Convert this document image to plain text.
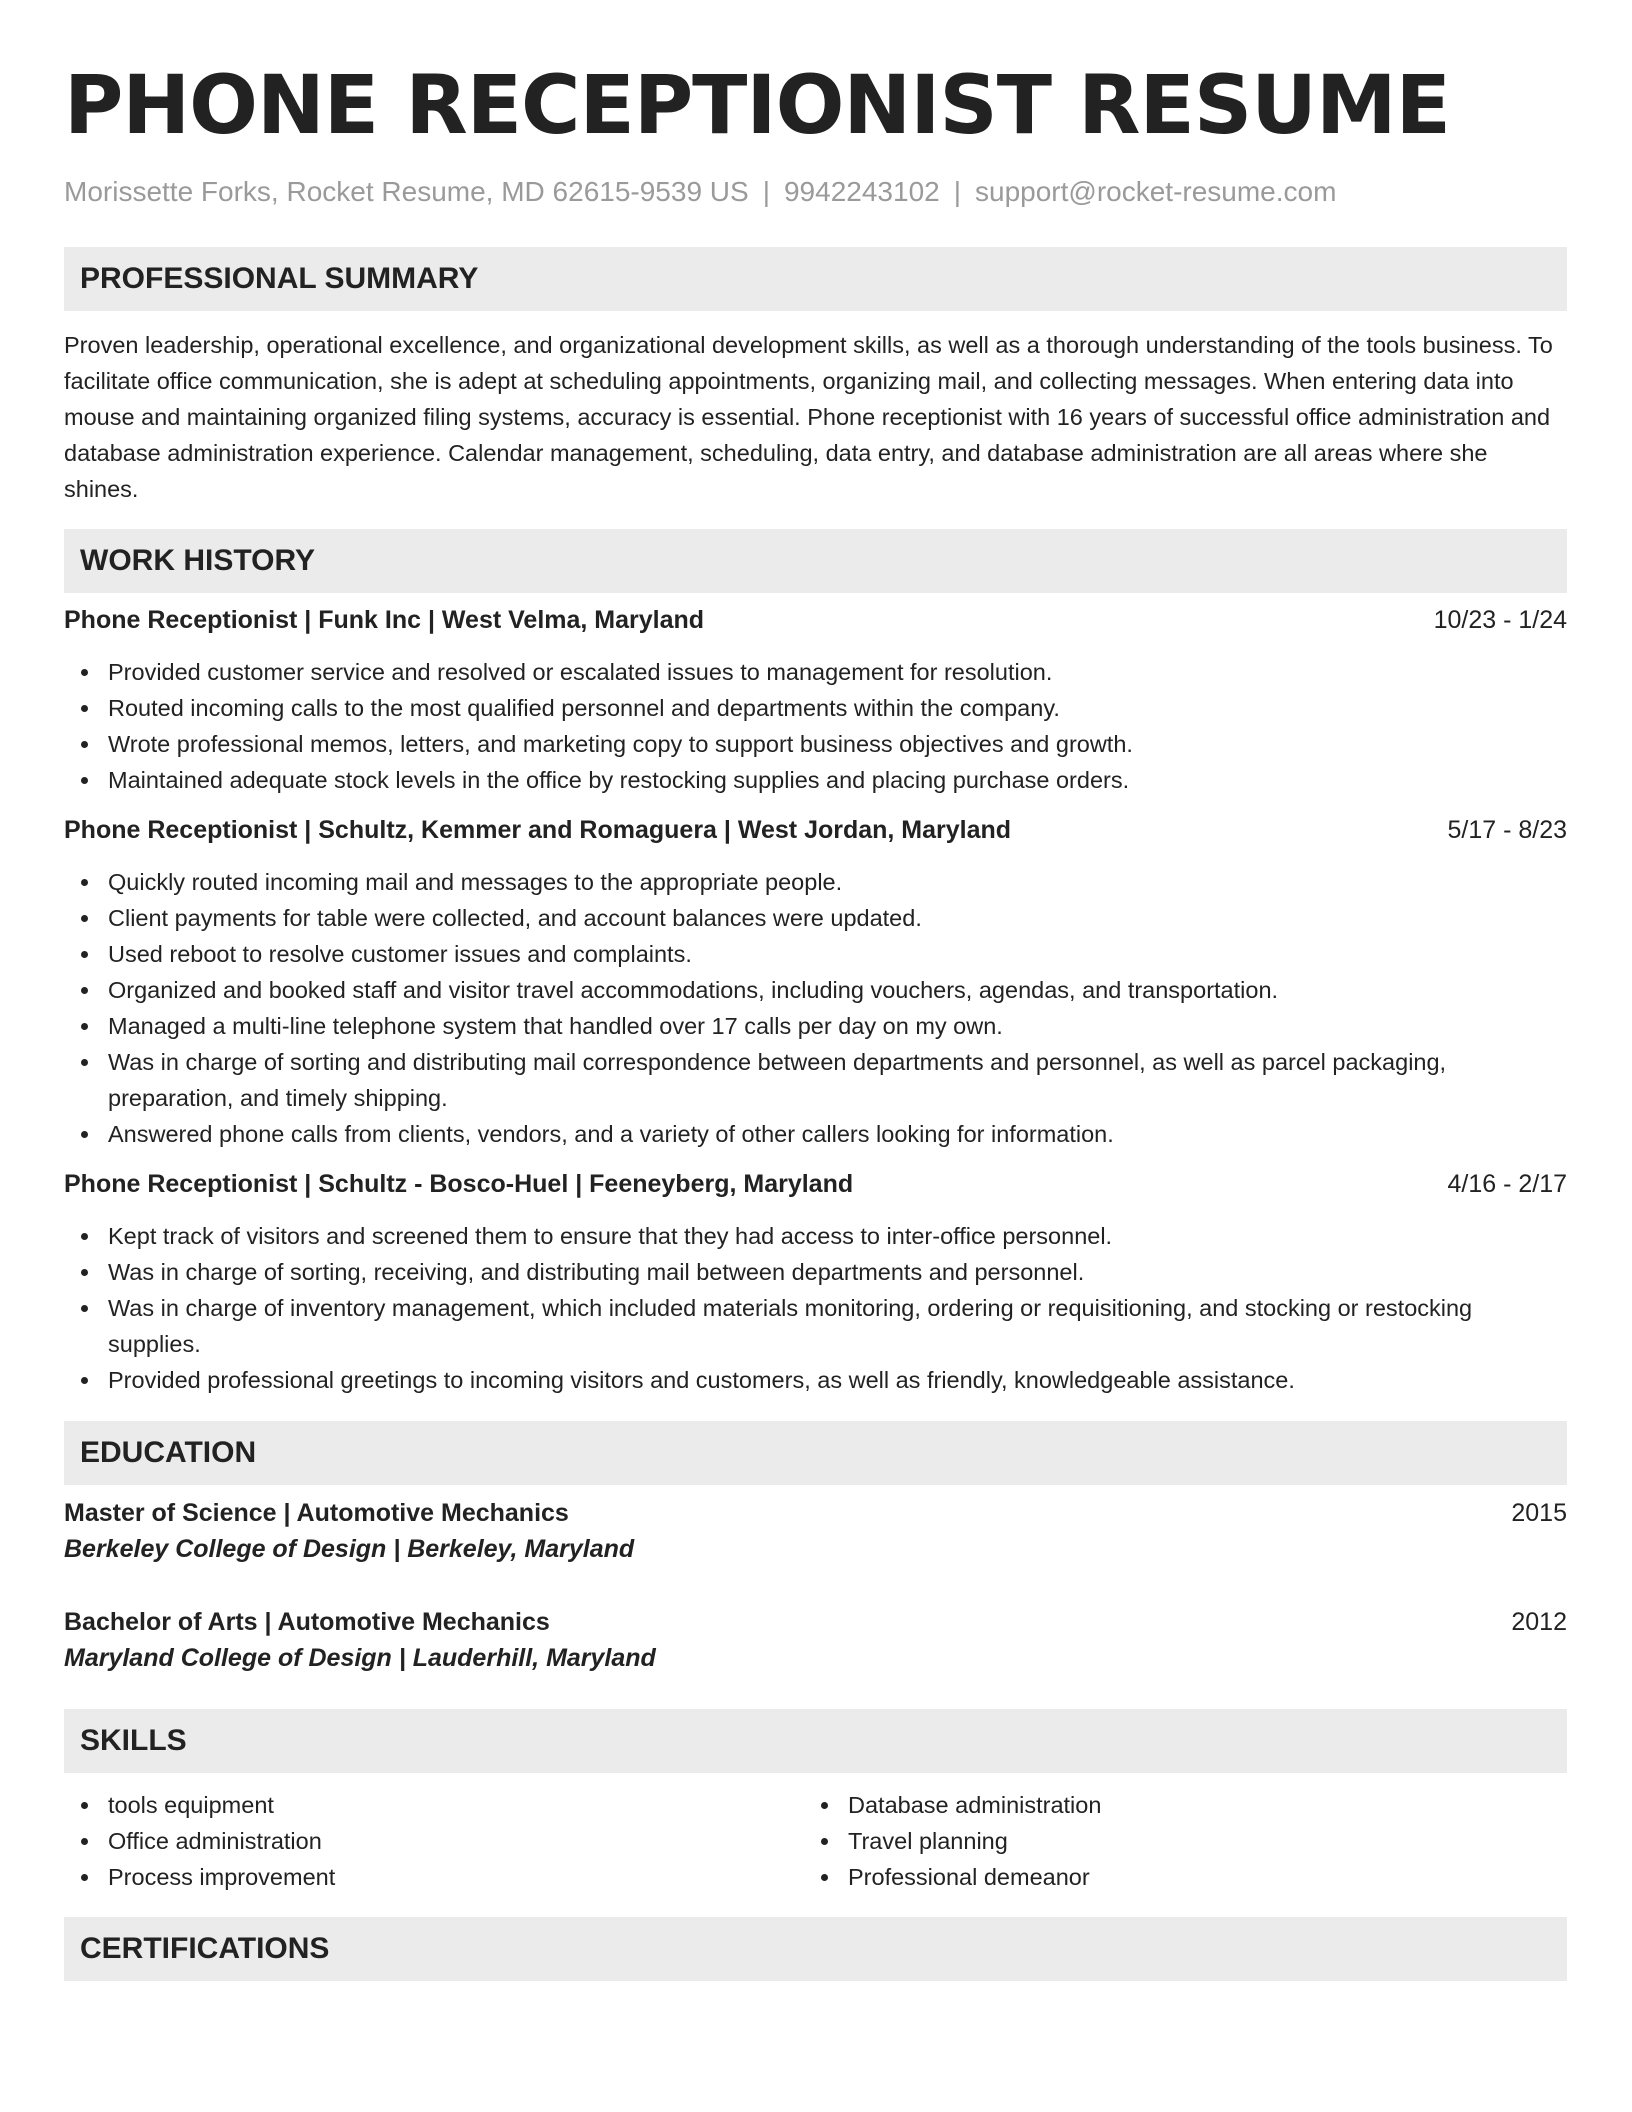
PHONE RECEPTIONIST RESUME
Morissette Forks, Rocket Resume, MD 62615-9539 US | 9942243102 | support@rocket-resume.com
PROFESSIONAL SUMMARY
Proven leadership, operational excellence, and organizational development skills, as well as a thorough understanding of the tools business. To facilitate office communication, she is adept at scheduling appointments, organizing mail, and collecting messages. When entering data into mouse and maintaining organized filing systems, accuracy is essential. Phone receptionist with 16 years of successful office administration and database administration experience. Calendar management, scheduling, data entry, and database administration are all areas where she shines.
WORK HISTORY
Phone Receptionist | Funk Inc | West Velma, Maryland	10/23 - 1/24
Provided customer service and resolved or escalated issues to management for resolution.
Routed incoming calls to the most qualified personnel and departments within the company.
Wrote professional memos, letters, and marketing copy to support business objectives and growth.
Maintained adequate stock levels in the office by restocking supplies and placing purchase orders.
Phone Receptionist | Schultz, Kemmer and Romaguera | West Jordan, Maryland	5/17 - 8/23
Quickly routed incoming mail and messages to the appropriate people.
Client payments for table were collected, and account balances were updated.
Used reboot to resolve customer issues and complaints.
Organized and booked staff and visitor travel accommodations, including vouchers, agendas, and transportation.
Managed a multi-line telephone system that handled over 17 calls per day on my own.
Was in charge of sorting and distributing mail correspondence between departments and personnel, as well as parcel packaging, preparation, and timely shipping.
Answered phone calls from clients, vendors, and a variety of other callers looking for information.
Phone Receptionist | Schultz - Bosco-Huel | Feeneyberg, Maryland	4/16 - 2/17
Kept track of visitors and screened them to ensure that they had access to inter-office personnel.
Was in charge of sorting, receiving, and distributing mail between departments and personnel.
Was in charge of inventory management, which included materials monitoring, ordering or requisitioning, and stocking or restocking supplies.
Provided professional greetings to incoming visitors and customers, as well as friendly, knowledgeable assistance.
EDUCATION
Master of Science | Automotive Mechanics	2015
Berkeley College of Design | Berkeley, Maryland
Bachelor of Arts | Automotive Mechanics	2012
Maryland College of Design | Lauderhill, Maryland
SKILLS
tools equipment
Office administration
Process improvement
Database administration
Travel planning
Professional demeanor
CERTIFICATIONS
